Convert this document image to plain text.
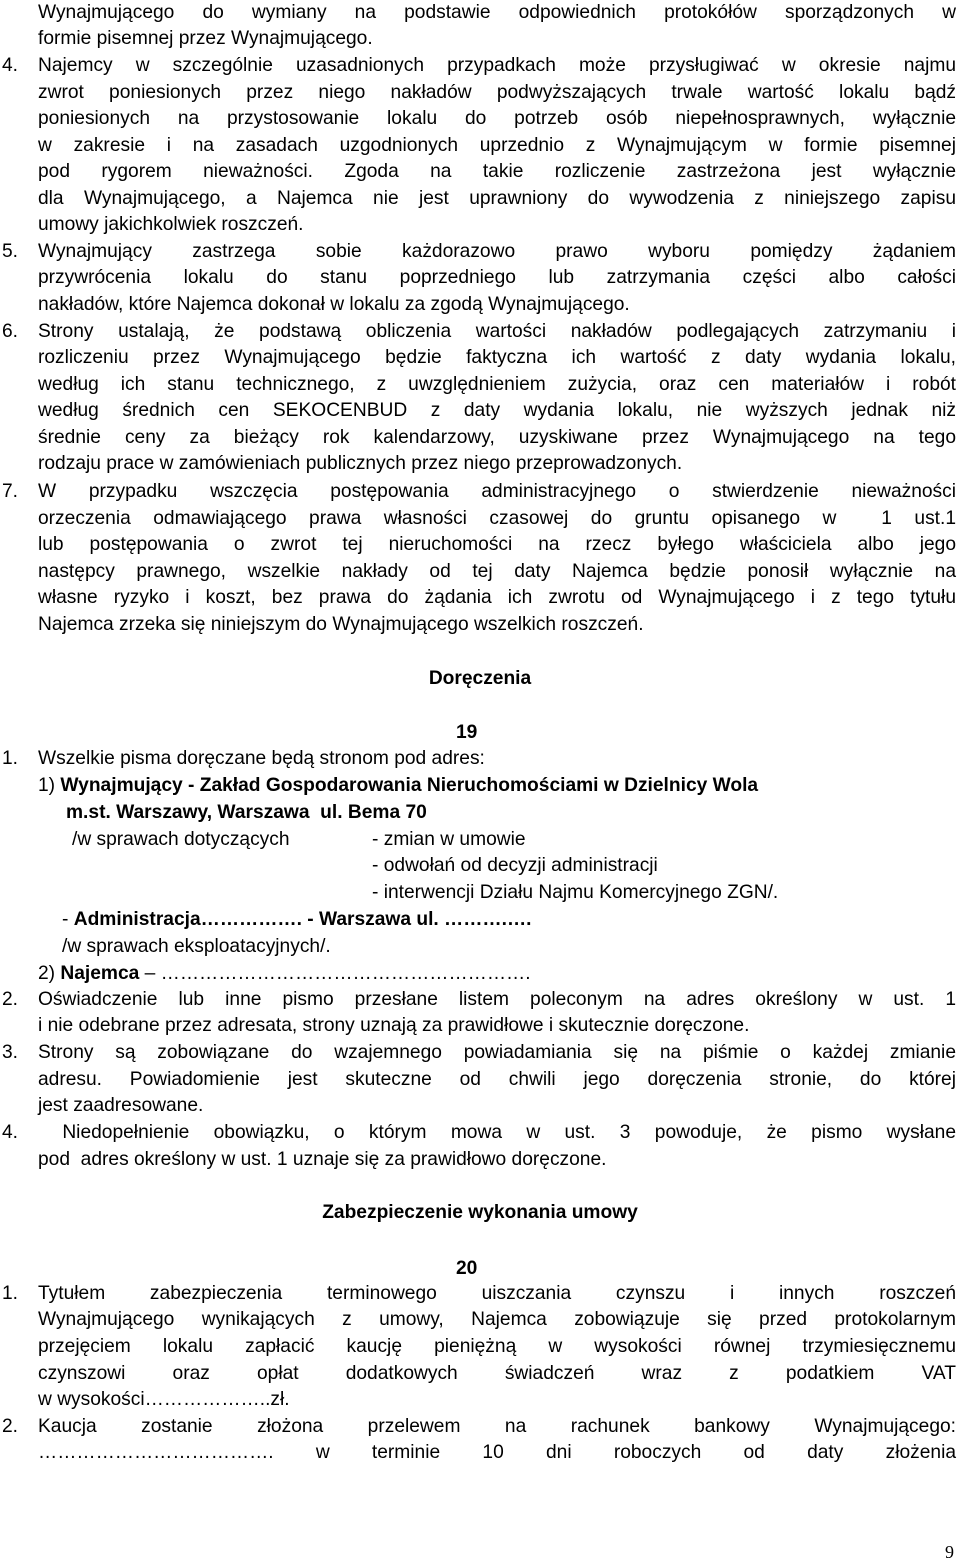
Wynajmującego do wymiany na podstawie odpowiednich protokółów sporządzonych w
formie pisemnej przez Wynajmującego.
4. Najemcy w szczególnie uzasadnionych przypadkach może przysługiwać w okresie najmu
zwrot poniesionych przez niego nakładów podwyższających trwale wartość lokalu bądź
poniesionych na przystosowanie lokalu do potrzeb osób niepełnosprawnych, wyłącznie
w zakresie i na zasadach uzgodnionych uprzednio z Wynajmującym w formie pisemnej
pod rygorem nieważności. Zgoda na takie rozliczenie zastrzeżona jest wyłącznie
dla Wynajmującego, a Najemca nie jest uprawniony do wywodzenia z niniejszego zapisu
umowy jakichkolwiek roszczeń.
5. Wynajmujący zastrzega sobie każdorazowo prawo wyboru pomiędzy żądaniem
przywrócenia lokalu do stanu poprzedniego lub zatrzymania części albo całości
nakładów, które Najemca dokonał w lokalu za zgodą Wynajmującego.
6. Strony ustalają, że podstawą obliczenia wartości nakładów podlegających zatrzymaniu i
rozliczeniu przez Wynajmującego będzie faktyczna ich wartość z daty wydania lokalu,
według ich stanu technicznego, z uwzględnieniem zużycia, oraz cen materiałów i robót
według średnich cen SEKOCENBUD z daty wydania lokalu, nie wyższych jednak niż
średnie ceny za bieżący rok kalendarzowy, uzyskiwane przez Wynajmującego na tego
rodzaju prace w zamówieniach publicznych przez niego przeprowadzonych.
7. W przypadku wszczęcia postępowania administracyjnego o stwierdzenie nieważności
orzeczenia odmawiającego prawa własności czasowej do gruntu opisanego w  1 ust.1
lub postępowania o zwrot tej nieruchomości na rzecz byłego właściciela albo jego
następcy prawnego, wszelkie nakłady od tej daty Najemca będzie ponosił wyłącznie na
własne ryzyko i koszt, bez prawa do żądania ich zwrotu od Wynajmującego i z tego tytułu
Najemca zrzeka się niniejszym do Wynajmującego wszelkich roszczeń.
Doręczenia
19
1. Wszelkie pisma doręczane będą stronom pod adres:
1) Wynajmujący - Zakład Gospodarowania Nieruchomościami w Dzielnicy Wola
m.st. Warszawy, Warszawa  ul. Bema 70
/w sprawach dotyczących	- zmian w umowie
- odwołań od decyzji administracji
- interwencji Działu Najmu Komercyjnego ZGN/.
- Administracja……………. - Warszawa ul. ……….….
/w sprawach eksploatacyjnych/.
2) Najemca – ………………………………………………….
2. Oświadczenie lub inne pismo przesłane listem poleconym na adres określony w ust. 1
i nie odebrane przez adresata, strony uznają za prawidłowe i skutecznie doręczone.
3. Strony są zobowiązane do wzajemnego powiadamiania się na piśmie o każdej zmianie
adresu. Powiadomienie jest skuteczne od chwili jego doręczenia stronie, do której
jest zaadresowane.
4. Niedopełnienie obowiązku, o którym mowa w ust. 3 powoduje, że pismo wysłane
pod  adres określony w ust. 1 uznaje się za prawidłowo doręczone.
Zabezpieczenie wykonania umowy
20
1. Tytułem zabezpieczenia terminowego uiszczania czynszu i innych roszczeń
Wynajmującego wynikających z umowy, Najemca zobowiązuje się przed protokolarnym
przejęciem lokalu zapłacić kaucję pieniężną w wysokości równej trzymiesięcznemu
czynszowi oraz opłat dodatkowych świadczeń wraz z podatkiem VAT
w wysokości………………..zł.
2. Kaucja zostanie złożona przelewem na rachunek bankowy Wynajmującego:
………………………………. w terminie 10 dni roboczych od daty złożenia
9
